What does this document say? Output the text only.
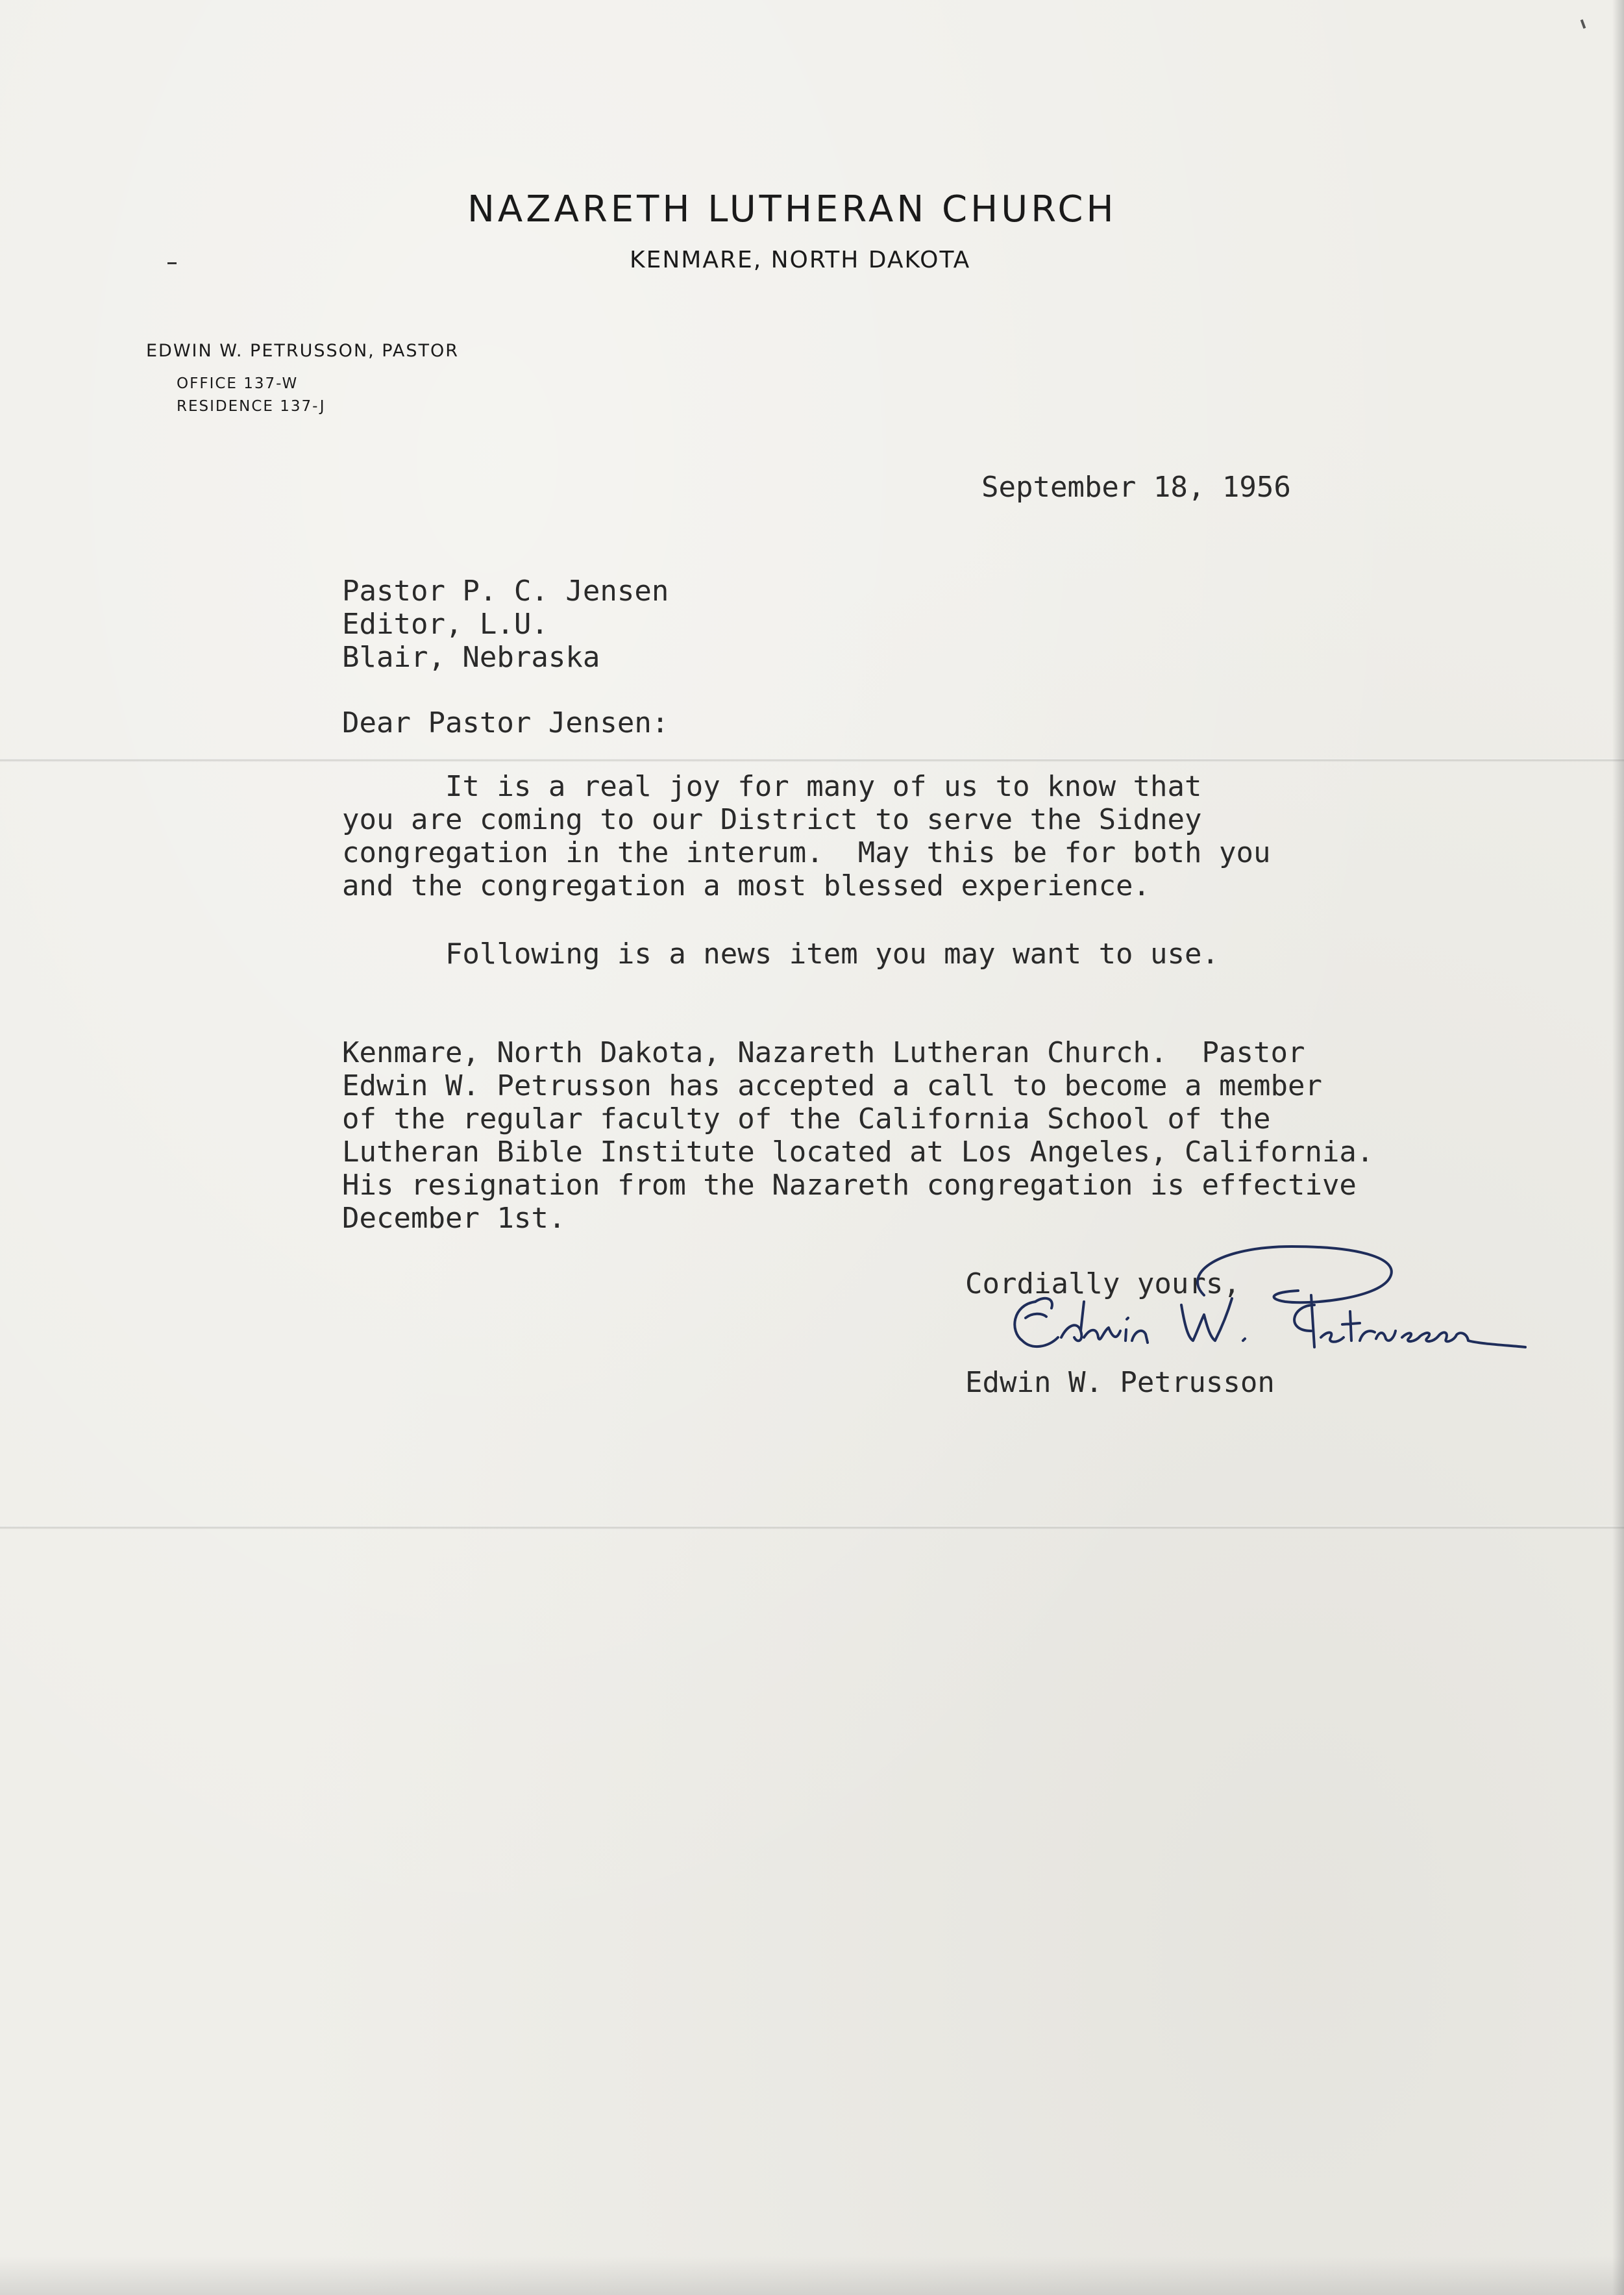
NAZARETH LUTHERAN CHURCH
KENMARE, NORTH DAKOTA
EDWIN W. PETRUSSON, PASTOR
OFFICE 137-W
RESIDENCE 137-J
September 18, 1956
Pastor P. C. Jensen
Editor, L.U.
Blair, Nebraska
Dear Pastor Jensen:
It is a real joy for many of us to know that
you are coming to our District to serve the Sidney
congregation in the interum.  May this be for both you
and the congregation a most blessed experience.
Following is a news item you may want to use.
Kenmare, North Dakota, Nazareth Lutheran Church.  Pastor
Edwin W. Petrusson has accepted a call to become a member
of the regular faculty of the California School of the
Lutheran Bible Institute located at Los Angeles, California.
His resignation from the Nazareth congregation is effective
December 1st.
Cordially yours,
Edwin W. Petrusson
